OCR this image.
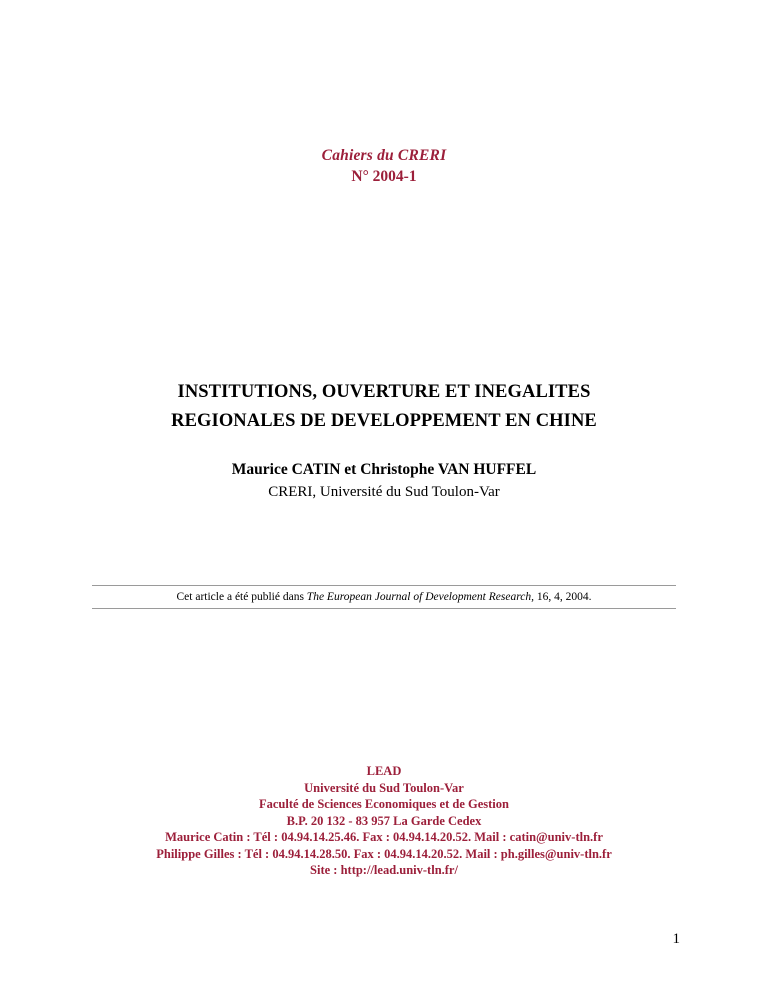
Cahiers du CRERI
N° 2004-1
INSTITUTIONS, OUVERTURE ET INEGALITES
REGIONALES DE DEVELOPPEMENT EN CHINE
Maurice CATIN et Christophe VAN HUFFEL
CRERI, Université du Sud Toulon-Var
Cet article a été publié dans The European Journal of Development Research, 16, 4, 2004.
LEAD
Université du Sud Toulon-Var
Faculté de Sciences Economiques et de Gestion
B.P. 20 132 - 83 957 La Garde Cedex
Maurice Catin : Tél : 04.94.14.25.46. Fax : 04.94.14.20.52. Mail : catin@univ-tln.fr
Philippe Gilles : Tél : 04.94.14.28.50. Fax : 04.94.14.20.52. Mail : ph.gilles@univ-tln.fr
Site : http://lead.univ-tln.fr/
1
